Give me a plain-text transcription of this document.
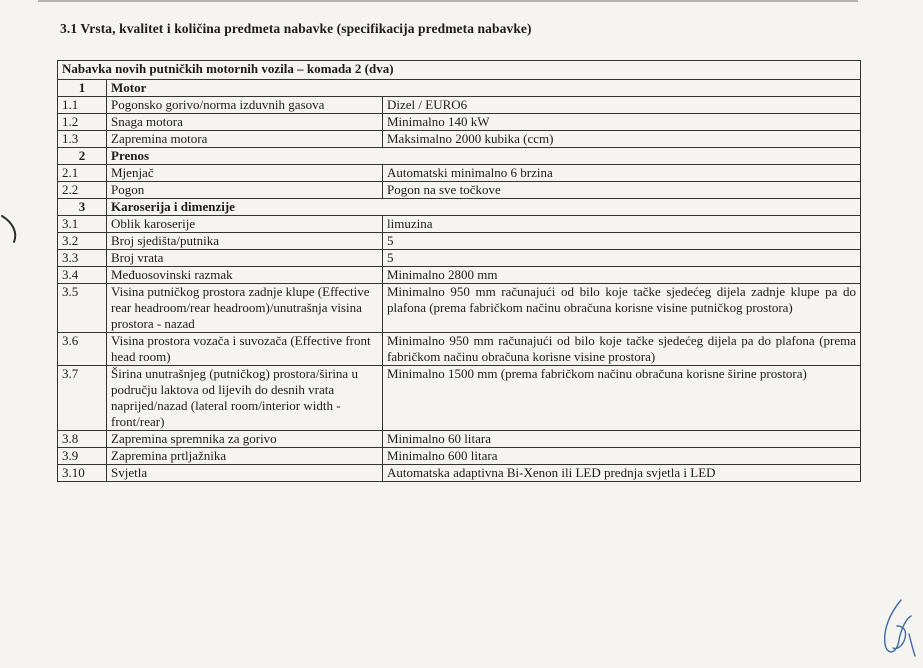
3.1 Vrsta, kvalitet i količina predmeta nabavke (specifikacija predmeta nabavke)
Nabavka novih putničkih motornih vozila – komada 2 (dva)		
1	Motor	
1.1	Pogonsko gorivo/norma izduvnih gasova	Dizel / EURO6
1.2	Snaga motora	Minimalno 140 kW
1.3	Zapremina motora	Maksimalno 2000 kubika (ccm)
2	Prenos	
2.1	Mjenjač	Automatski minimalno 6 brzina
2.2	Pogon	Pogon na sve točkove
3	Karoserija i dimenzije	
3.1	Oblik karoserije	limuzina
3.2	Broj sjedišta/putnika	5
3.3	Broj vrata	5
3.4	Međuosovinski razmak	Minimalno 2800 mm
3.5	Visina putničkog prostora zadnje klupe (Effective rear headroom/rear headroom)/unutrašnja visina prostora - nazad	Minimalno 950 mm računajući od bilo koje tačke sjedećeg dijela zadnje klupe pa do plafona (prema fabričkom načinu obračuna korisne visine putničkog prostora)
3.6	Visina prostora vozača i suvozača (Effective front head room)	Minimalno 950 mm računajući od bilo koje tačke sjedećeg dijela pa do plafona (prema fabričkom načinu obračuna korisne visine prostora)
3.7	Širina unutrašnjeg (putničkog) prostora/širina u području laktova od lijevih do desnih vrata naprijed/nazad (lateral room/interior width - front/rear)	Minimalno 1500 mm (prema fabričkom načinu obračuna korisne širine prostora)
3.8	Zapremina spremnika za gorivo	Minimalno 60 litara
3.9	Zapremina prtljažnika	Minimalno 600 litara
3.10	Svjetla	Automatska adaptivna Bi-Xenon ili LED prednja svjetla i LED
